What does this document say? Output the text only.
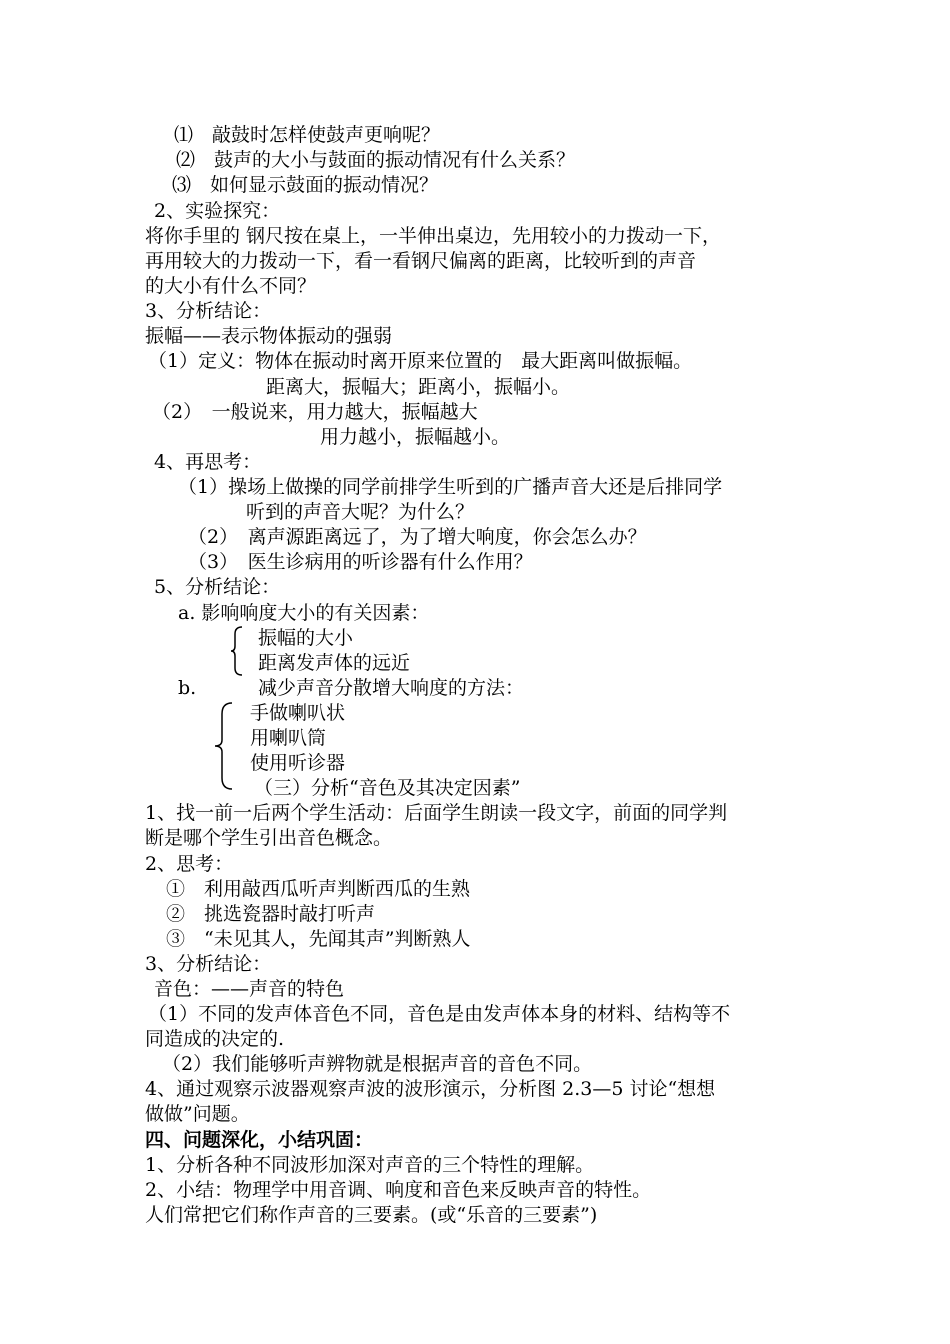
⑴　敲鼓时怎样使鼓声更响呢？
⑵　鼓声的大小与鼓面的振动情况有什么关系？
⑶　如何显示鼓面的振动情况？
2、实验探究：
将你手里的 钢尺按在桌上，一半伸出桌边，先用较小的力拨动一下，
再用较大的力拨动一下，看一看钢尺偏离的距离，比较听到的声音
的大小有什么不同？
3、分析结论：
振幅——表示物体振动的强弱
（1）定义：物体在振动时离开原来位置的　最大距离叫做振幅。
距离大，振幅大；距离小，振幅小。
（2）　一般说来，用力越大，振幅越大
用力越小，振幅越小。
4、再思考：
（1）操场上做操的同学前排学生听到的广播声音大还是后排同学
听到的声音大呢？为什么？
（2）　离声源距离远了，为了增大响度，你会怎么办？
（3）　医生诊病用的听诊器有什么作用？
5、分析结论：
a. 影响响度大小的有关因素：
振幅的大小
距离发声体的远近
b.	减少声音分散增大响度的方法：
手做喇叭状
用喇叭筒
使用听诊器
（三）分析“音色及其决定因素”
1、找一前一后两个学生活动：后面学生朗读一段文字，前面的同学判
断是哪个学生引出音色概念。
2、思考：
①　利用敲西瓜听声判断西瓜的生熟
②　挑选瓷器时敲打听声
③　“未见其人，先闻其声”判断熟人
3、分析结论：
音色：——声音的特色
（1）不同的发声体音色不同，音色是由发声体本身的材料、结构等不
同造成的决定的.
（2）我们能够听声辨物就是根据声音的音色不同。
4、通过观察示波器观察声波的波形演示，分析图 2.3—5 讨论“想想
做做”问题。
四、问题深化，小结巩固：
1、分析各种不同波形加深对声音的三个特性的理解。
2、小结：物理学中用音调、响度和音色来反映声音的特性。
人们常把它们称作声音的三要素。(或“乐音的三要素”)
